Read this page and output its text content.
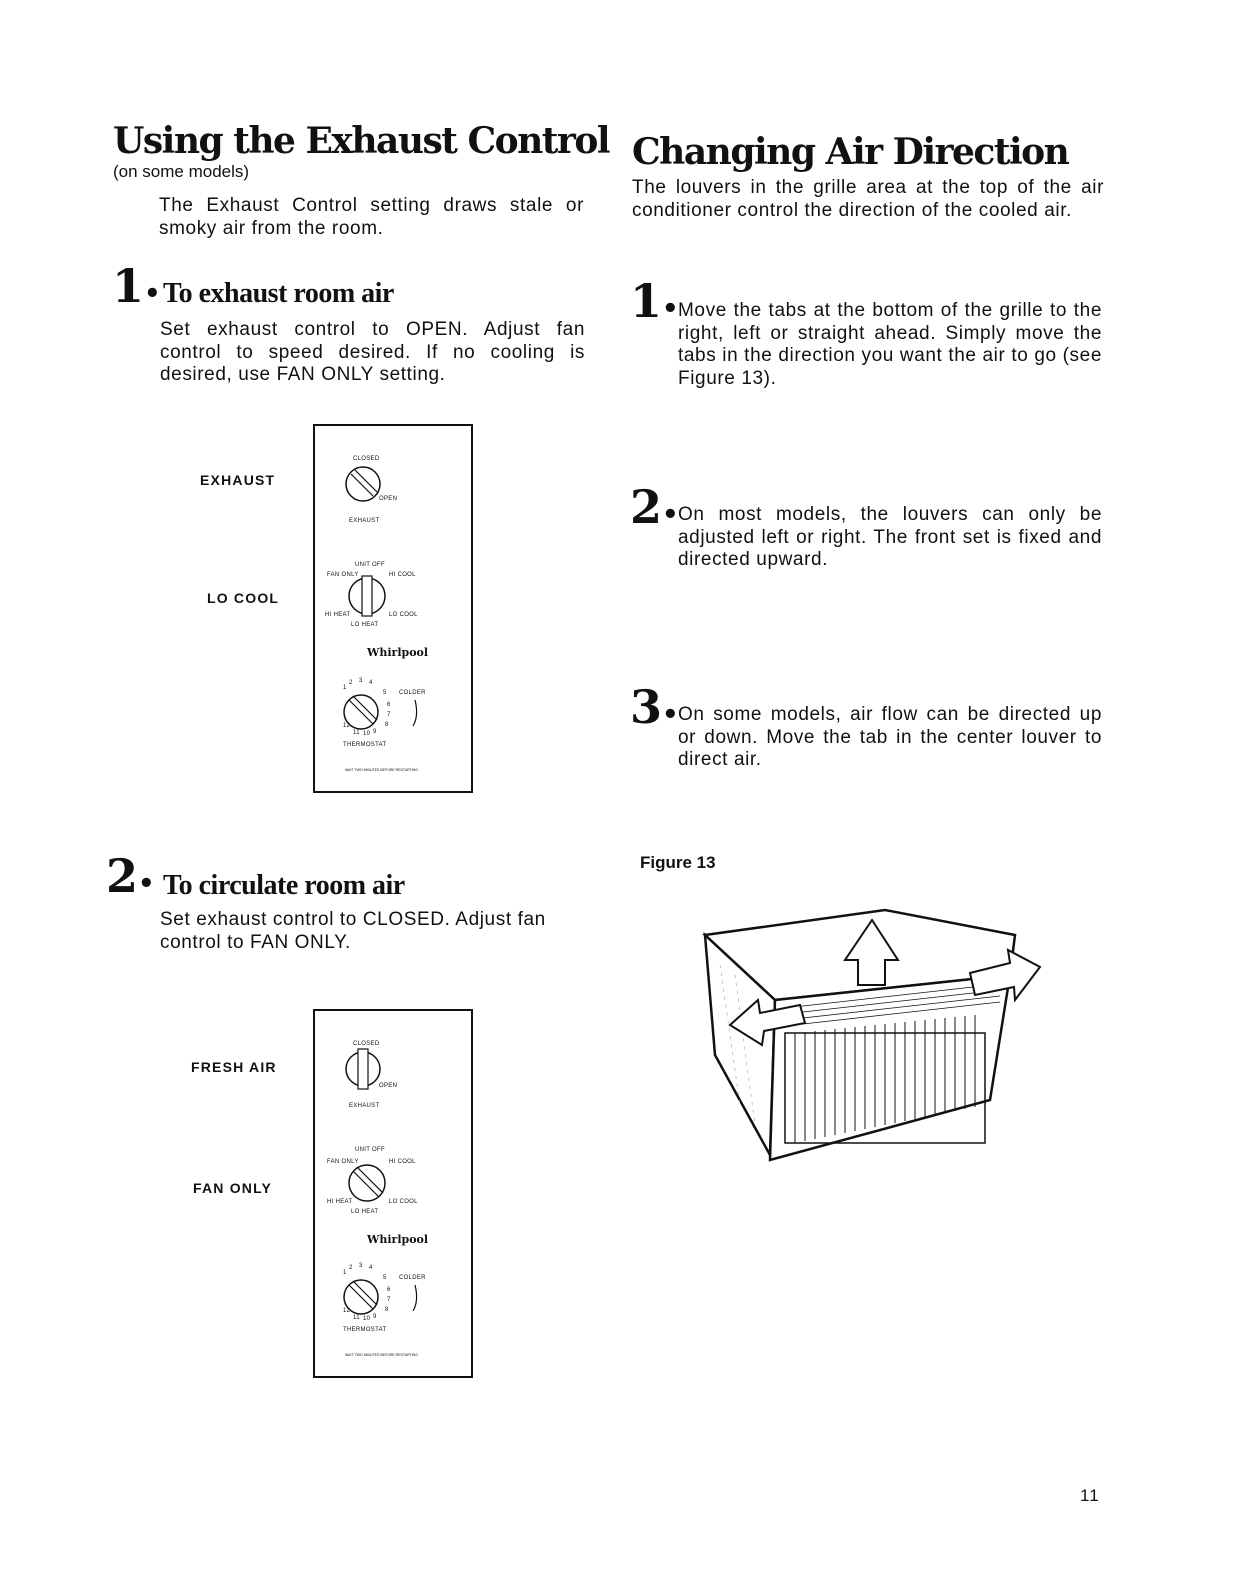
Using the Exhaust Control
(on some models)
The Exhaust Control setting draws stale or smoky air from the room.
1• To exhaust room air
Set exhaust control to OPEN. Adjust fan control to speed desired. If no cooling is desired, use FAN ONLY setting.
EXHAUST
LO COOL
CLOSED
OPEN
EXHAUST
UNIT OFF
FAN ONLY	HI COOL
HI HEAT	LO COOL
LO HEAT
Whirlpool
1
2 3 4
5
6
7
8
9
10
11
12
COLDER
THERMOSTAT
WAIT TWO MINUTES BEFORE RESTARTING
2• To circulate room air
Set exhaust control to CLOSED. Adjust fan control to FAN ONLY.
FRESH AIR
FAN ONLY
CLOSED
OPEN
EXHAUST
UNIT OFF
FAN ONLY	HI COOL
HI HEAT	LO COOL
LO HEAT
Whirlpool
1
2 3 4
5
6
7
8
9
10
11
12
COLDER
THERMOSTAT
WAIT TWO MINUTES BEFORE RESTARTING
Changing Air Direction
The louvers in the grille area at the top of the air conditioner control the direction of the cooled air.
1• Move the tabs at the bottom of the grille to the right, left or straight ahead. Simply move the tabs in the direction you want the air to go (see Figure 13).
2• On most models, the louvers can only be adjusted left or right. The front set is fixed and directed upward.
3• On some models, air flow can be directed up or down. Move the tab in the center louver to direct air.
Figure 13
11
